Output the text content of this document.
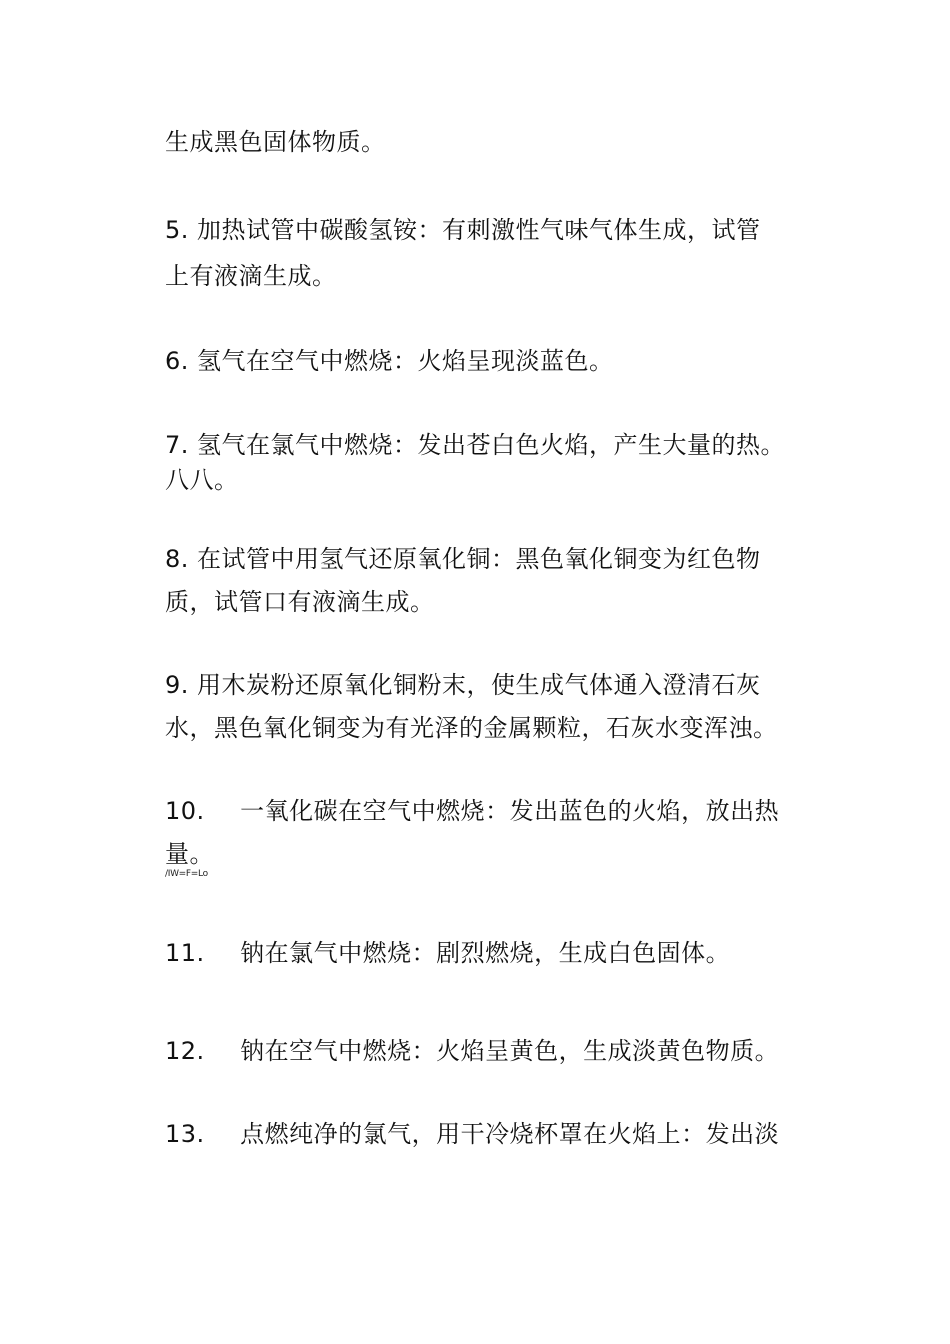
生成黑色固体物质。
5. 加热试管中碳酸氢铵：有刺激性气味气体生成，试管
上有液滴生成。
6. 氢气在空气中燃烧：火焰呈现淡蓝色。
7. 氢气在氯气中燃烧：发出苍白色火焰，产生大量的热。
八八。
8. 在试管中用氢气还原氧化铜：黑色氧化铜变为红色物
质，试管口有液滴生成。
9. 用木炭粉还原氧化铜粉末，使生成气体通入澄清石灰
水，黑色氧化铜变为有光泽的金属颗粒，石灰水变浑浊。
10. 一氧化碳在空气中燃烧：发出蓝色的火焰，放出热
量。
/IW=F=Lo
11. 钠在氯气中燃烧：剧烈燃烧，生成白色固体。
12. 钠在空气中燃烧：火焰呈黄色，生成淡黄色物质。
13. 点燃纯净的氯气，用干冷烧杯罩在火焰上：发出淡
